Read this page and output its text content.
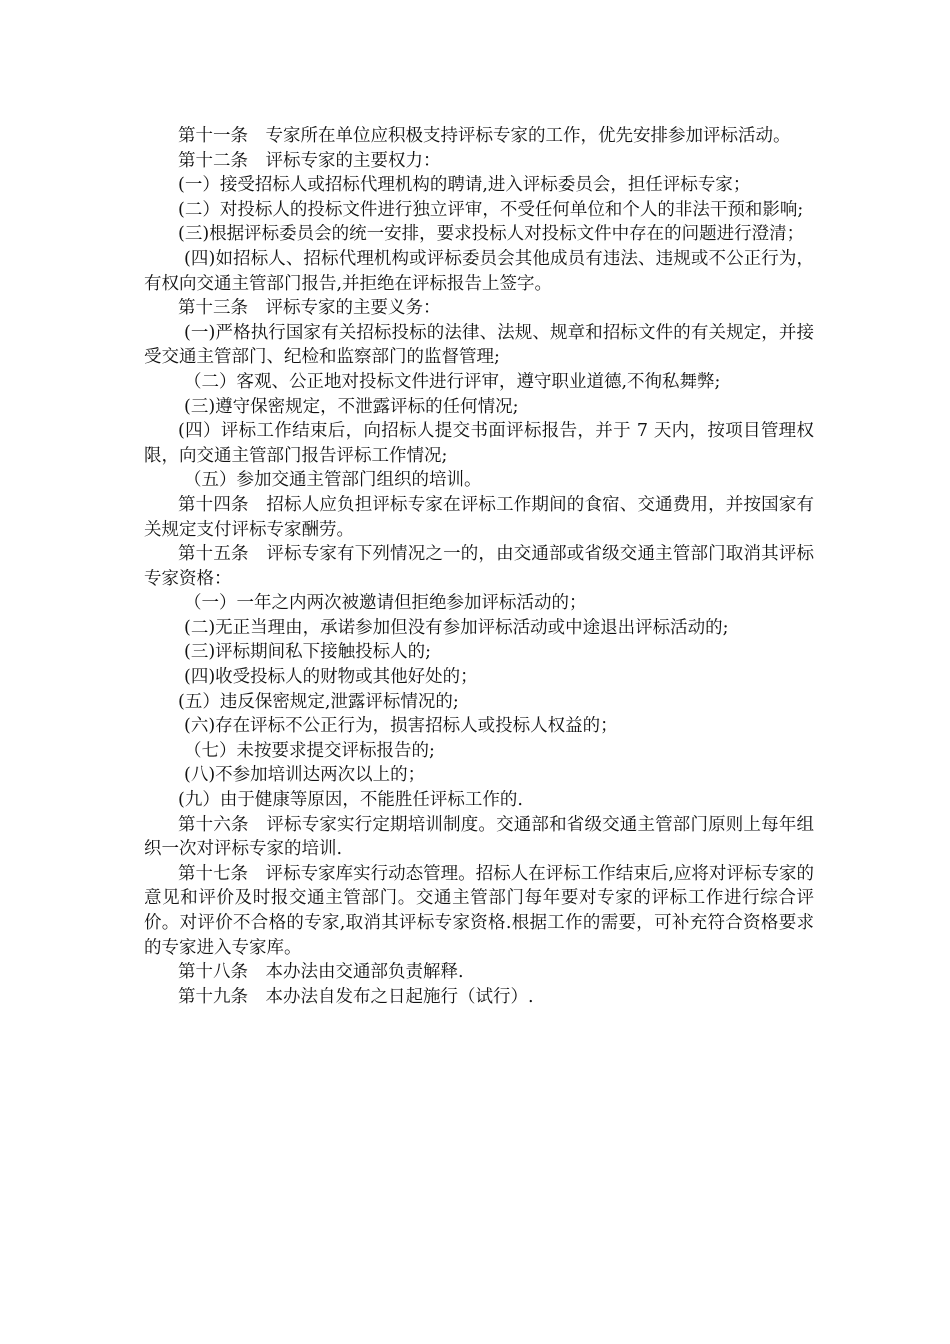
第十一条　专家所在单位应积极支持评标专家的工作，优先安排参加评标活动。

第十二条　评标专家的主要权力：

(一）接受招标人或招标代理机构的聘请,进入评标委员会，担任评标专家；

(二）对投标人的投标文件进行独立评审，不受任何单位和个人的非法干预和影响;

(三)根据评标委员会的统一安排，要求投标人对投标文件中存在的问题进行澄清；

(四)如招标人、招标代理机构或评标委员会其他成员有违法、违规或不公正行为，有权向交通主管部门报告,并拒绝在评标报告上签字。

第十三条　评标专家的主要义务：

(一)严格执行国家有关招标投标的法律、法规、规章和招标文件的有关规定，并接受交通主管部门、纪检和监察部门的监督管理;

（二）客观、公正地对投标文件进行评审，遵守职业道德,不徇私舞弊;

(三)遵守保密规定，不泄露评标的任何情况;

(四）评标工作结束后，向招标人提交书面评标报告，并于 7 天内，按项目管理权限，向交通主管部门报告评标工作情况;

（五）参加交通主管部门组织的培训。

第十四条　招标人应负担评标专家在评标工作期间的食宿、交通费用，并按国家有关规定支付评标专家酬劳。

第十五条　评标专家有下列情况之一的，由交通部或省级交通主管部门取消其评标专家资格：

（一）一年之内两次被邀请但拒绝参加评标活动的；

(二)无正当理由，承诺参加但没有参加评标活动或中途退出评标活动的;

(三)评标期间私下接触投标人的;

(四)收受投标人的财物或其他好处的；

(五）违反保密规定,泄露评标情况的;

(六)存在评标不公正行为，损害招标人或投标人权益的；

（七）未按要求提交评标报告的;

(八)不参加培训达两次以上的；

(九）由于健康等原因，不能胜任评标工作的.

第十六条　评标专家实行定期培训制度。交通部和省级交通主管部门原则上每年组织一次对评标专家的培训.

第十七条　评标专家库实行动态管理。招标人在评标工作结束后,应将对评标专家的意见和评价及时报交通主管部门。交通主管部门每年要对专家的评标工作进行综合评价。对评价不合格的专家,取消其评标专家资格.根据工作的需要，可补充符合资格要求的专家进入专家库。

第十八条　本办法由交通部负责解释.

第十九条　本办法自发布之日起施行（试行）.
